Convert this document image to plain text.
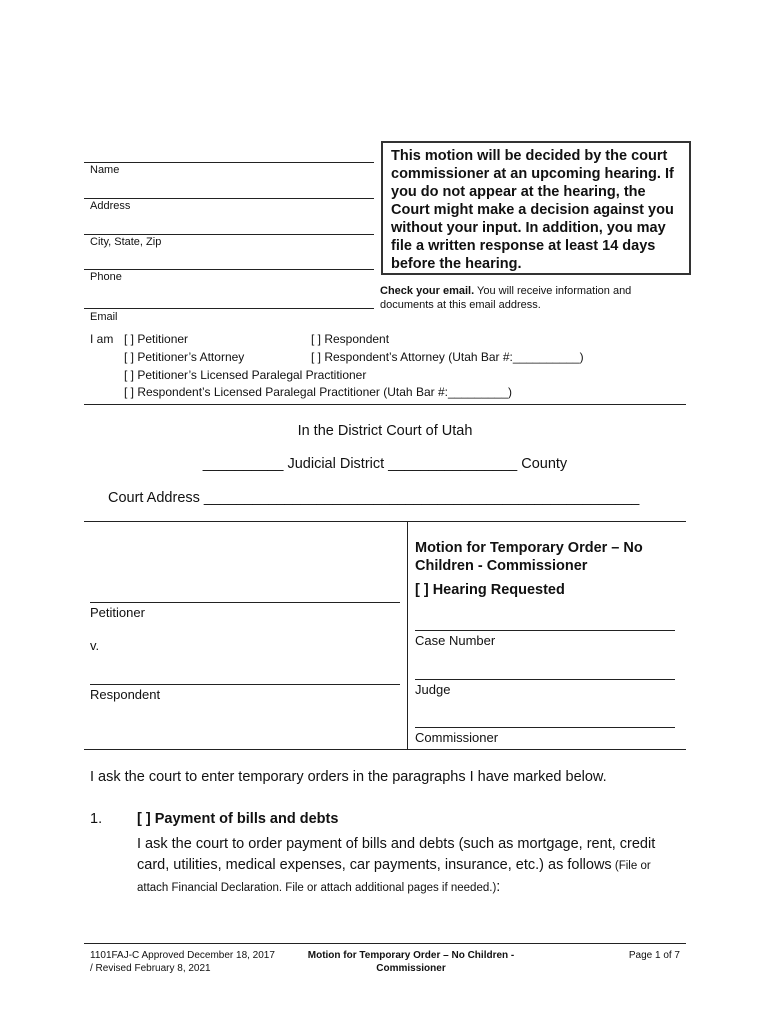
Name
Address
City, State, Zip
Phone
Email

This motion will be decided by the court commissioner at an upcoming hearing. If you do not appear at the hearing, the Court might make a decision against you without your input. In addition, you may file a written response at least 14 days before the hearing.

Check your email. You will receive information and documents at this email address.
I am [ ] Petitioner	[ ] Respondent
[ ] Petitioner’s Attorney	[ ] Respondent’s Attorney (Utah Bar #:__________)
[ ] Petitioner’s Licensed Paralegal Practitioner
[ ] Respondent’s Licensed Paralegal Practitioner (Utah Bar #:_________)
In the District Court of Utah
__________ Judicial District ________________ County
Court Address ______________________________________________________
Petitioner
v.
Respondent
Motion for Temporary Order – No Children - Commissioner
[ ] Hearing Requested
Case Number
Judge
Commissioner
I ask the court to enter temporary orders in the paragraphs I have marked below.
1. [ ] Payment of bills and debts
I ask the court to order payment of bills and debts (such as mortgage, rent, credit card, utilities, medical expenses, car payments, insurance, etc.) as follows (File or attach Financial Declaration. File or attach additional pages if needed.):
1101FAJ-C Approved December 18, 2017 / Revised February 8, 2021
Motion for Temporary Order – No Children - Commissioner
Page 1 of 7
